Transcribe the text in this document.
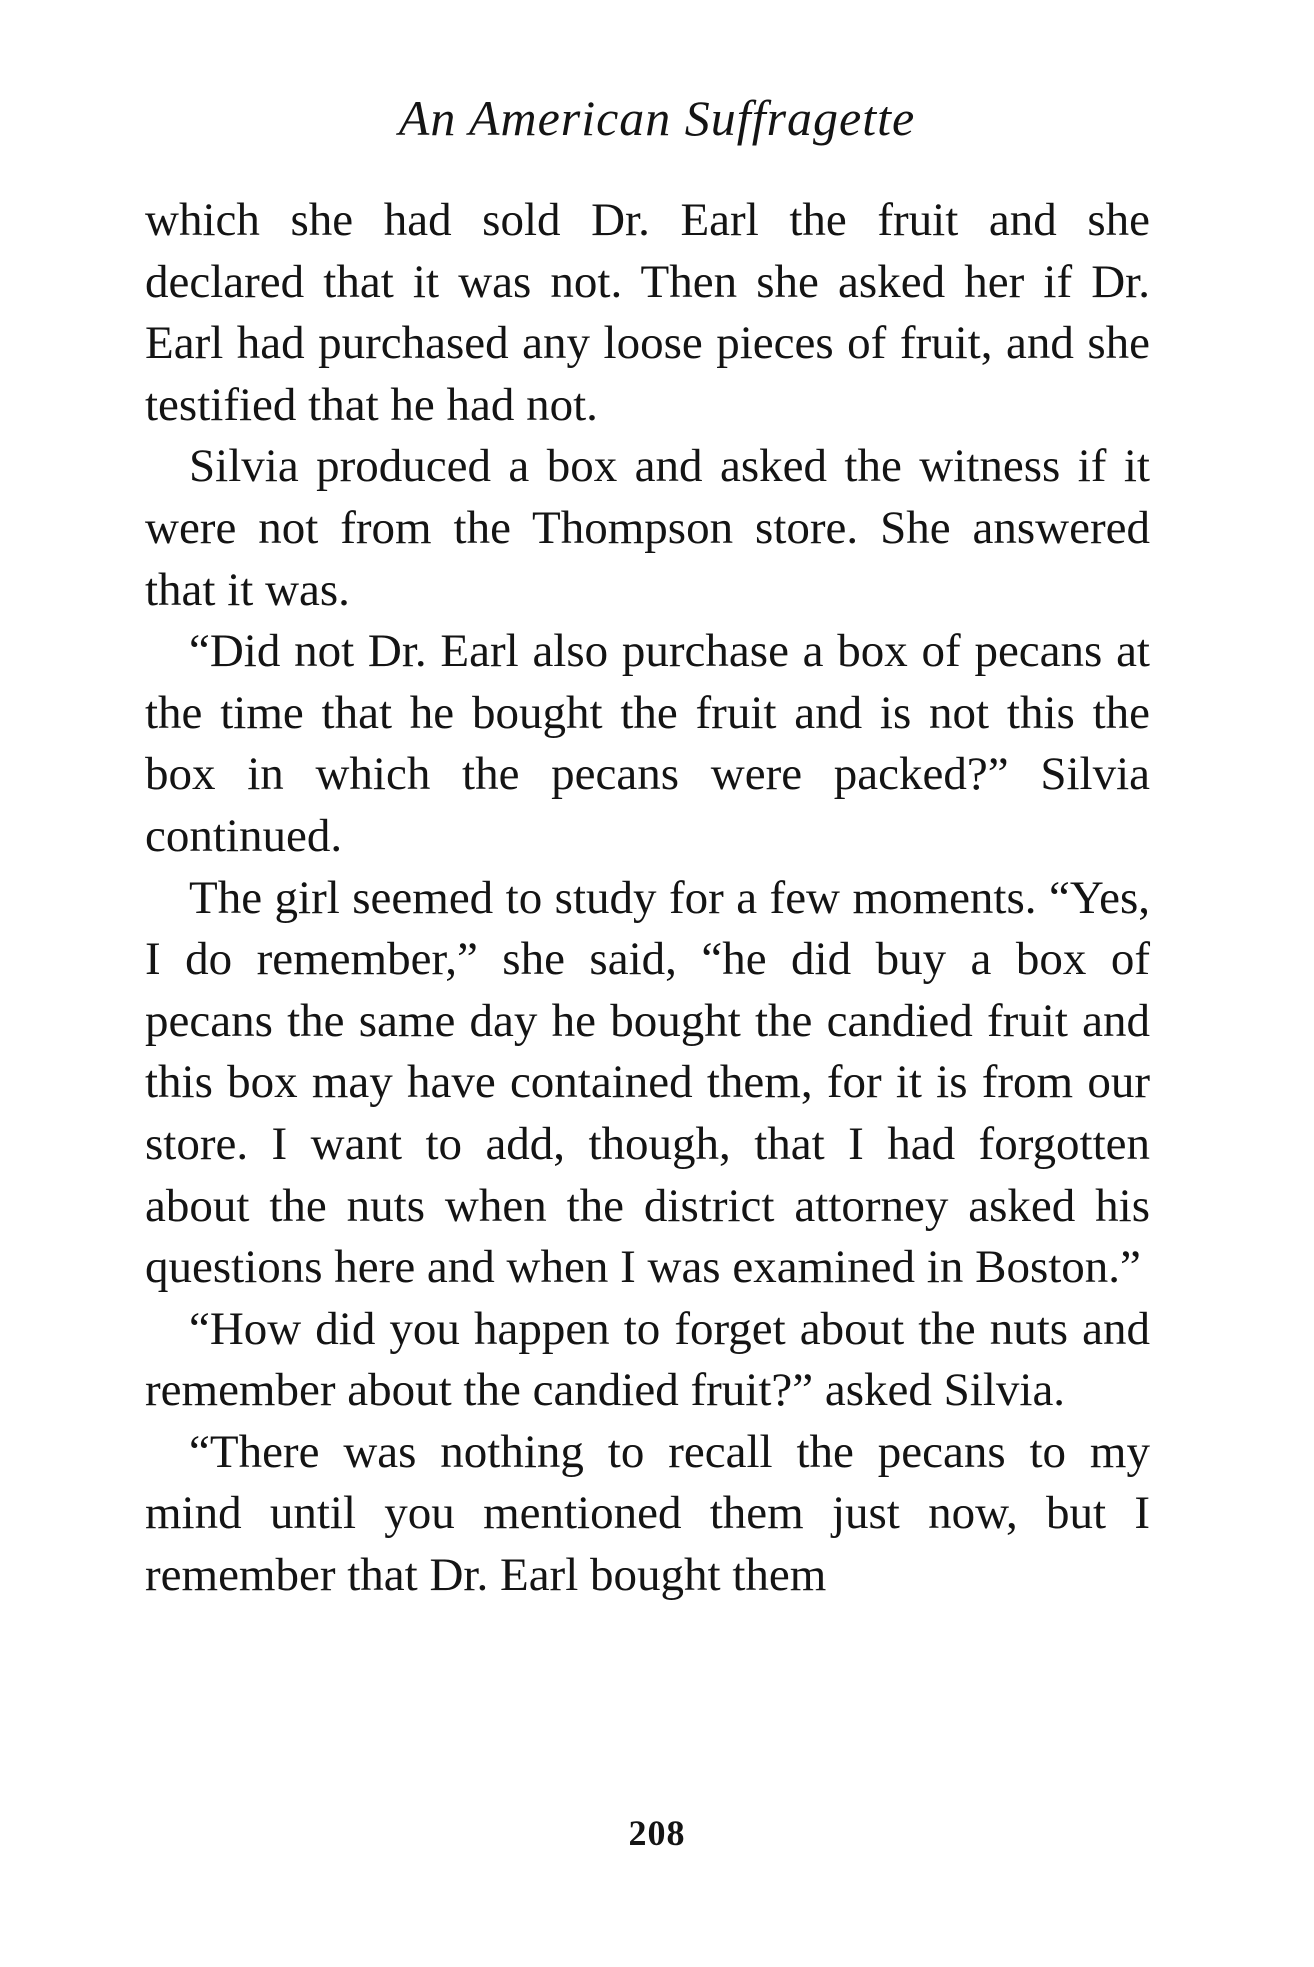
An American Suffragette

which she had sold Dr. Earl the fruit and she declared that it was not. Then she asked her if Dr. Earl had purchased any loose pieces of fruit, and she testified that he had not.

Silvia produced a box and asked the witness if it were not from the Thompson store. She answered that it was.

“Did not Dr. Earl also purchase a box of pecans at the time that he bought the fruit and is not this the box in which the pecans were packed?” Silvia continued.

The girl seemed to study for a few moments. “Yes, I do remember,” she said, “he did buy a box of pecans the same day he bought the candied fruit and this box may have contained them, for it is from our store. I want to add, though, that I had forgotten about the nuts when the district attorney asked his questions here and when I was examined in Boston.”

“How did you happen to forget about the nuts and remember about the candied fruit?” asked Silvia.

“There was nothing to recall the pecans to my mind until you mentioned them just now, but I remember that Dr. Earl bought them

208
